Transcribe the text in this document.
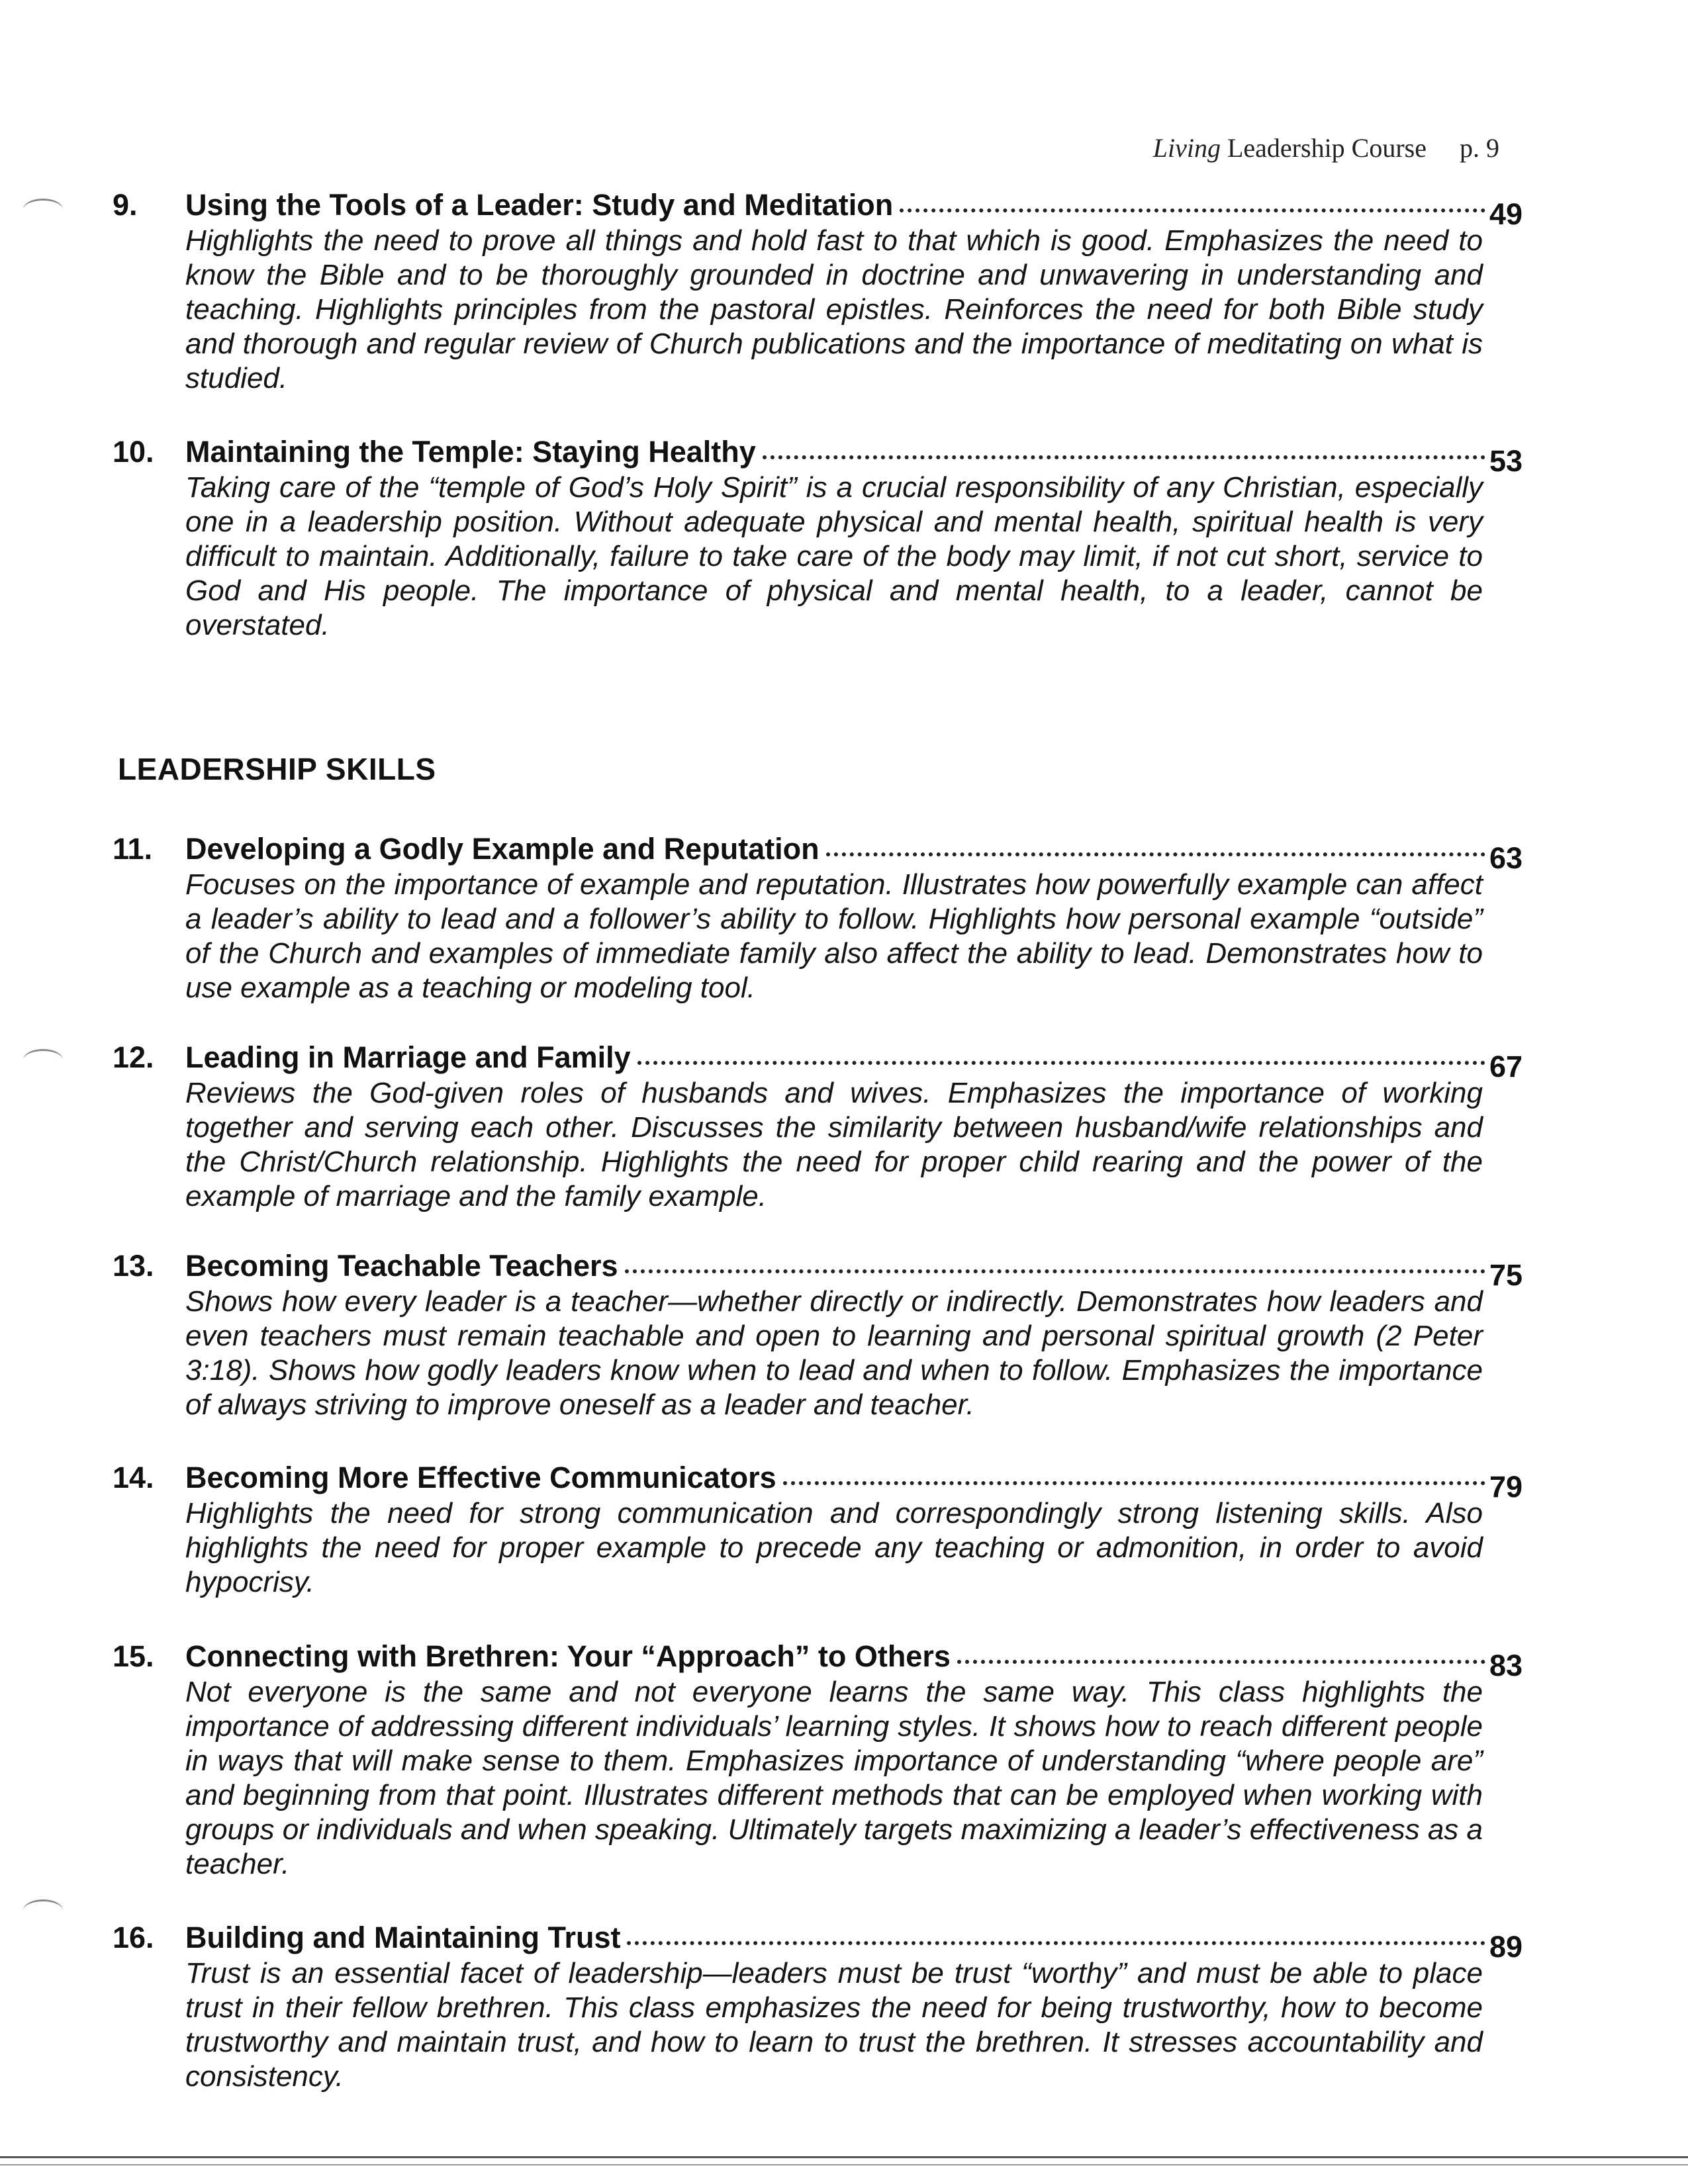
Living Leadership Course p. 9
9.	Using the Tools of a Leader: Study and Meditation	49
Highlights the need to prove all things and hold fast to that which is good. Emphasizes the need to know the Bible and to be thoroughly grounded in doctrine and unwavering in understanding and teaching. Highlights principles from the pastoral epistles. Reinforces the need for both Bible study and thorough and regular review of Church publications and the importance of meditating on what is studied.
10.	Maintaining the Temple: Staying Healthy	53
Taking care of the “temple of God’s Holy Spirit” is a crucial responsibility of any Christian, especially one in a leadership position. Without adequate physical and mental health, spiritual health is very difficult to maintain. Additionally, failure to take care of the body may limit, if not cut short, service to God and His people. The importance of physical and mental health, to a leader, cannot be overstated.
LEADERSHIP SKILLS
11.	Developing a Godly Example and Reputation	63
Focuses on the importance of example and reputation. Illustrates how powerfully example can affect a leader’s ability to lead and a follower’s ability to follow. Highlights how personal example “outside” of the Church and examples of immediate family also affect the ability to lead. Demonstrates how to use example as a teaching or modeling tool.
12.	Leading in Marriage and Family	67
Reviews the God-given roles of husbands and wives. Emphasizes the importance of working together and serving each other. Discusses the similarity between husband/wife relationships and the Christ/Church relationship. Highlights the need for proper child rearing and the power of the example of marriage and the family example.
13.	Becoming Teachable Teachers	75
Shows how every leader is a teacher—whether directly or indirectly. Demonstrates how leaders and even teachers must remain teachable and open to learning and personal spiritual growth (2 Peter 3:18). Shows how godly leaders know when to lead and when to follow. Emphasizes the importance of always striving to improve oneself as a leader and teacher.
14.	Becoming More Effective Communicators	79
Highlights the need for strong communication and correspondingly strong listening skills. Also highlights the need for proper example to precede any teaching or admonition, in order to avoid hypocrisy.
15.	Connecting with Brethren: Your “Approach” to Others	83
Not everyone is the same and not everyone learns the same way. This class highlights the importance of addressing different individuals’ learning styles. It shows how to reach different people in ways that will make sense to them. Emphasizes importance of understanding “where people are” and beginning from that point. Illustrates different methods that can be employed when working with groups or individuals and when speaking. Ultimately targets maximizing a leader’s effectiveness as a teacher.
16.	Building and Maintaining Trust	89
Trust is an essential facet of leadership—leaders must be trust “worthy” and must be able to place trust in their fellow brethren. This class emphasizes the need for being trustworthy, how to become trustworthy and maintain trust, and how to learn to trust the brethren. It stresses accountability and consistency.
